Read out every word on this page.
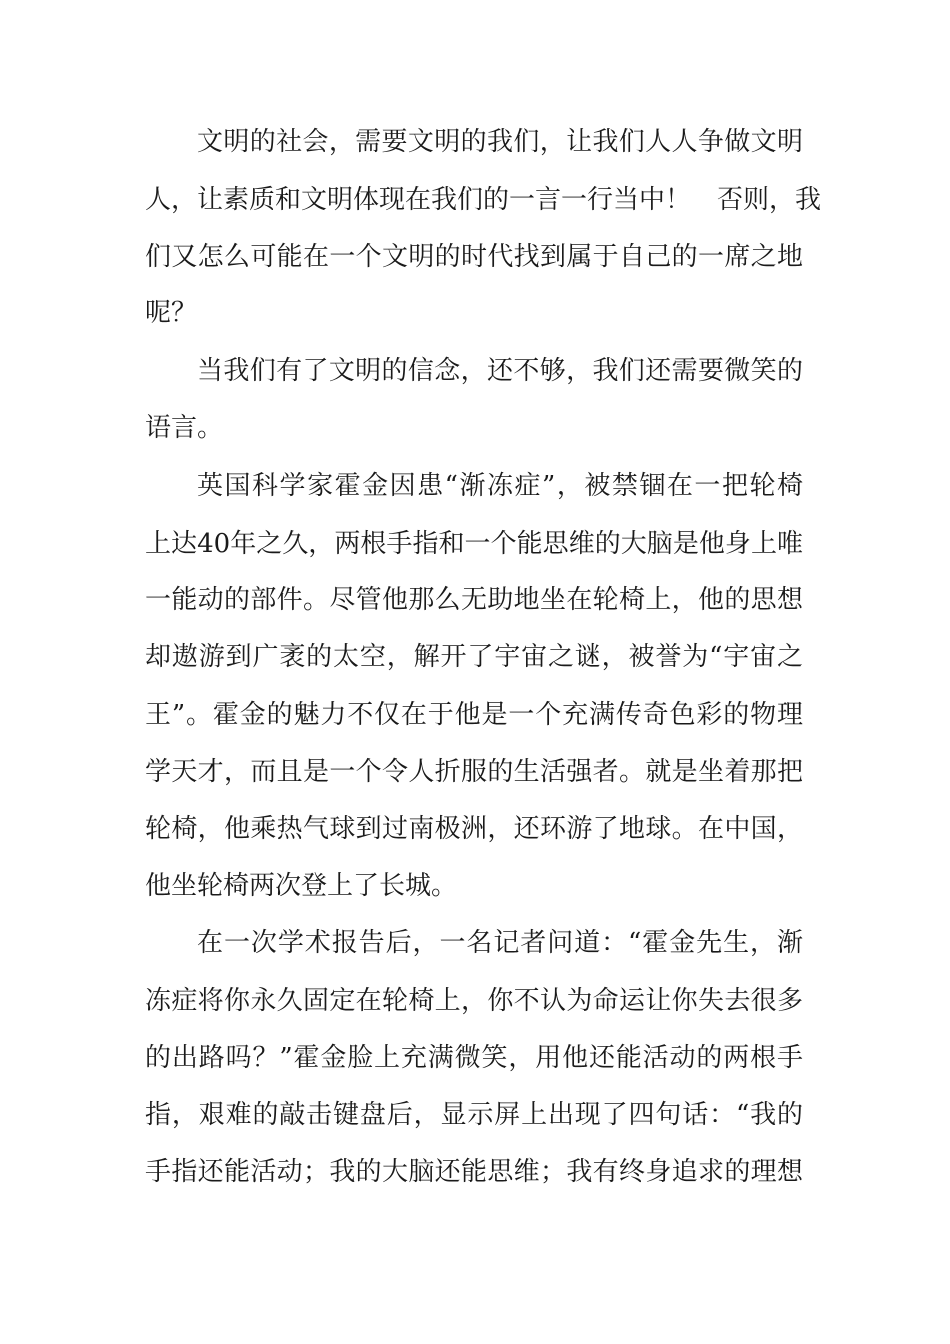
文明的社会，需要文明的我们，让我们人人争做文明
人，让素质和文明体现在我们的一言一行当中！　否则，我
们又怎么可能在一个文明的时代找到属于自己的一席之地
呢？
当我们有了文明的信念，还不够，我们还需要微笑的
语言。
英国科学家霍金因患“渐冻症”，被禁锢在一把轮椅
上达40年之久，两根手指和一个能思维的大脑是他身上唯
一能动的部件。尽管他那么无助地坐在轮椅上，他的思想
却遨游到广袤的太空，解开了宇宙之谜，被誉为“宇宙之
王”。霍金的魅力不仅在于他是一个充满传奇色彩的物理
学天才，而且是一个令人折服的生活强者。就是坐着那把
轮椅，他乘热气球到过南极洲，还环游了地球。在中国，
他坐轮椅两次登上了长城。
在一次学术报告后，一名记者问道：“霍金先生，渐
冻症将你永久固定在轮椅上，你不认为命运让你失去很多
的出路吗？”霍金脸上充满微笑，用他还能活动的两根手
指，艰难的敲击键盘后，显示屏上出现了四句话：“我的
手指还能活动；我的大脑还能思维；我有终身追求的理想
